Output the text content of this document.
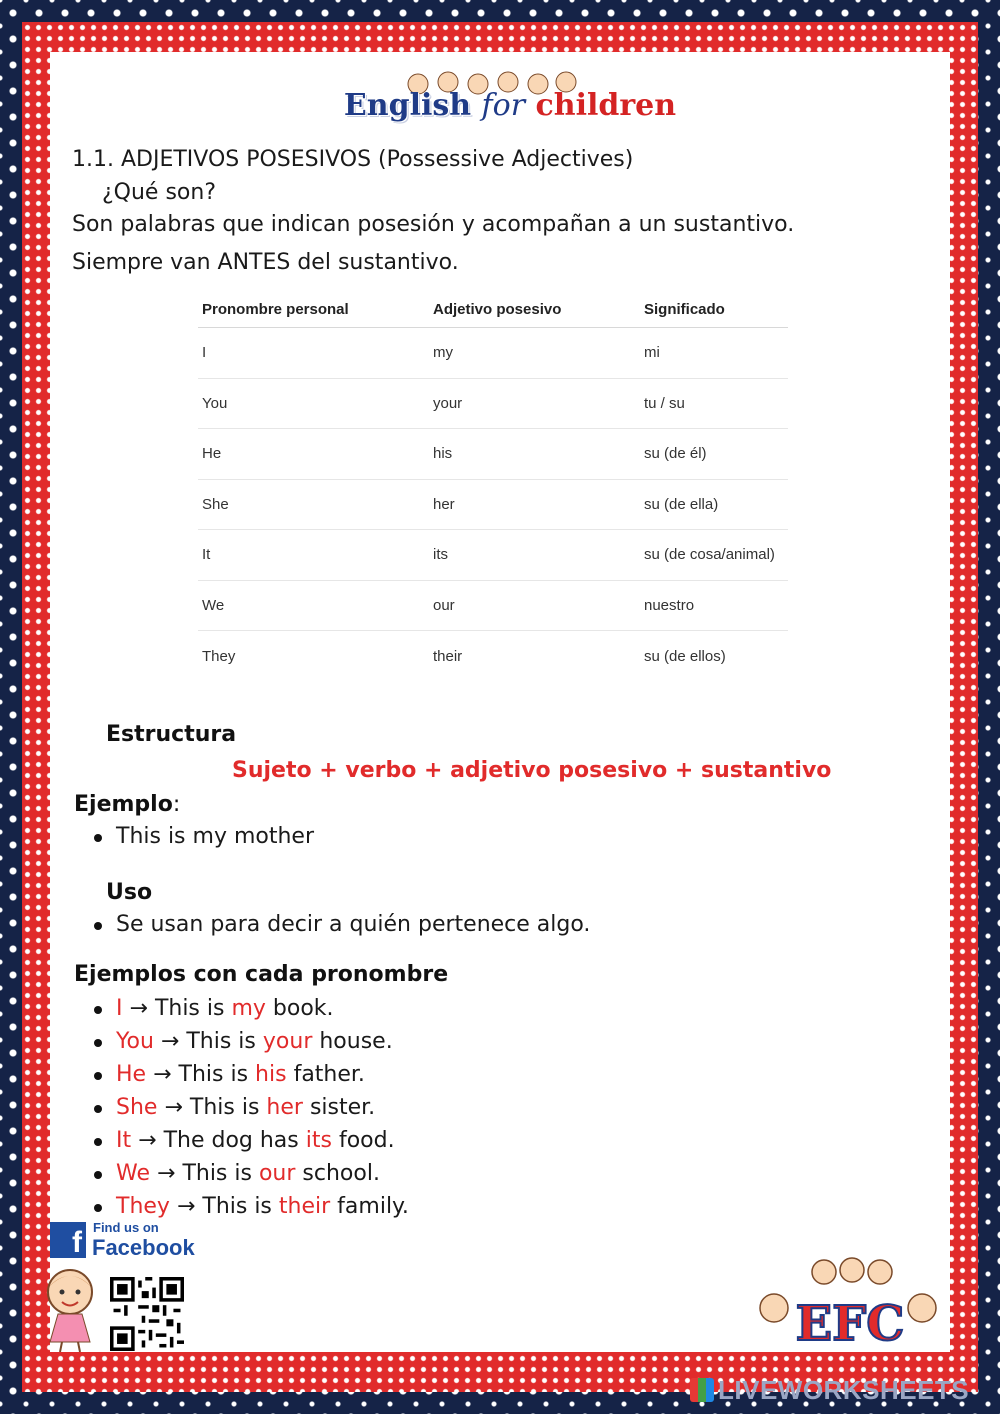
English for children
1.1. ADJETIVOS POSESIVOS (Possessive Adjectives)
¿Qué son?
Son palabras que indican posesión y acompañan a un sustantivo.
Siempre van ANTES del sustantivo.
Pronombre personal	Adjetivo posesivo	Significado
I	my	mi
You	your	tu / su
He	his	su (de él)
She	her	su (de ella)
It	its	su (de cosa/animal)
We	our	nuestro
They	their	su (de ellos)
Estructura
Sujeto + verbo + adjetivo posesivo + sustantivo
Ejemplo:
This is my mother
Uso
Se usan para decir a quién pertenece algo.
Ejemplos con cada pronombre
I → This is my book.
You → This is your house.
He → This is his father.
She → This is her sister.
It → The dog has its food.
We → This is our school.
They → This is their family.
f Find us on
Facebook
EFC
LIVEWORKSHEETS
